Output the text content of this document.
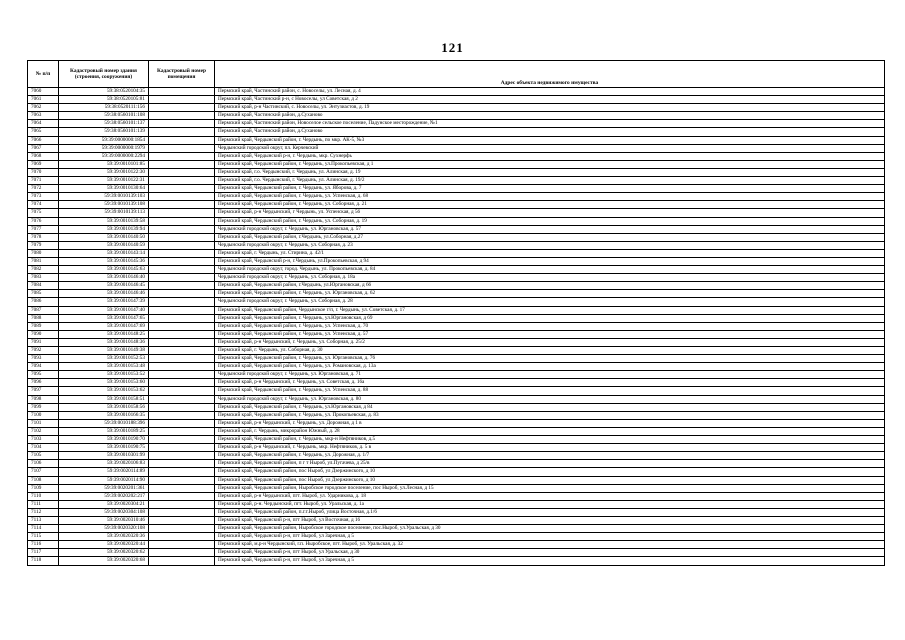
121
№ п/п	Кадастровый номер здания (строения, сооружения)	Кадастровый номер помещения	Адрес объекта недвижимого имущества
7060	59:38:0520104:35		Пермский край, Частинский район, с. Новоселы, ул. Лесная, д. 4
7061	59:38:0520105:81		Пермский край, Частинский р-н, с Новоселы, ул Советская, д 2
7062	59:38:0520111:156		Пермский край, р-н Частинский, с. Новоселы, ул. Энтузиастов, д. 19
7063	59:38:0560101:108		Пермский край, Частинский район, д.Суханово
7064	59:38:0560101:137		Пермский край, Частинский район, Новоселое сельское поселение, Падунское месторождение, №1
7065	59:38:0560101:139		Пермский край, Частинский район, д.Суханово
7066	59:39:0000000:1854		Пермский край, Чердынский район, г. Чердынь, по мкр. АК-5, №3
7067	59:39:0000000:1979		Чердынский городской округ, пл. Керчевский
7068	59:39:0000000:2294		Пермский край, Чердынский р-н, г. Чердынь, мкр. Сухнерфь
7069	59:39:0010101:85		Пермский край, Чердынский район, г. Чердынь, ул.Прокопьевская, д 1
7070	59:39:0010122:30		Пермский край, г.о. Чердынский, г. Чердынь, ул. Алинская, д. 19
7071	59:39:0010122:31		Пермский край, г.о. Чердынский, г. Чердынь, ул. Алинская, д. 19/2
7072	59:39:0010130:64		Пермский край, Чердынский район, г. Чердынь, ул. Яборова, д. 7
7073	59:39:0010139:103		Пермский край, Чердынский район, г. Чердынь, ул. Успенская, д. 68
7074	59:39:0010139:108		Пермский край, Чердынский район, г. Чердынь, ул. Соборная, д. 21
7075	59:39:0010139:113		Пермский край, р-н Чердынский, г Чердынь, ул. Успенская, д 56
7076	59:39:0010139:58		Пермский край, Чердынский район, г. Чердынь, ул. Соборная, д. 19
7077	59:39:0010139:94		Чердынский городской округ, г. Чердынь, ул. Юргановская, д. 57
7078	59:39:0010140:50		Пермский край, Чердынский район, г.Чердынь, ул.Соборная, д.27
7079	59:39:0010140:59		Чердынский городской округ, г. Чердынь, ул. Соборная, д. 23
7080	59:39:0010143:14		Пермский край, г. Чердынь, ул. Стирина, д. 42/1
7081	59:39:0010145:36		Пермский край, Чердынский р-н, г.Чердынь, ул.Прокопьевская, д 94
7082	59:39:0010145:63		Чердынский городской округ, город. Чердынь, ул. Прокопьевская, д. 84
7083	59:39:0010146:40		Чердынский городской округ, г. Чердынь, ул. Соборная, д. 18а
7084	59:39:0010146:45		Пермский край, Чердынский район, г.Чердынь, ул.Юргановская, д 66
7085	59:39:0010146:46		Пермский край, Чердынский район, г. Чердынь, ул. Юргановская, д. 62
7086	59:39:0010147:39		Чердынский городской округ, г. Чердынь, ул. Соборная, д. 28
7087	59:39:0010147:40		Пермский край, Чердынский район, Чердынское г/п, г. Чердынь, ул. Советская, д. 17
7088	59:39:0010147:65		Пермский край, Чердынский район, г. Чердынь, ул.Юргановская, д 69
7089	59:39:0010147:69		Пермский край, Чердынский район, г. Чердынь, ул. Успенская, д. 70
7090	59:39:0010148:25		Пермский край, Чердынский район, г. Чердынь, ул. Успенская, д. 57
7091	59:39:0010148:36		Пермский край, р-н Чердынский, г. Чердынь, ул. Соборная, д. 25/2
7092	59:39:0010149:38		Пермский край, г. Чердынь, ул. Соборная, д. 30
7093	59:39:0010152:53		Пермский край, Чердынский район, г. Чердынь, ул. Юргановская, д. 76
7094	59:39:0010153:48		Пермский край, Чердынский район, г. Чердынь, ул. Романовская, д. 13а
7095	59:39:0010153:52		Чердынский городской округ, г. Чердынь, ул. Юргановская, д. 71
7096	59:39:0010153:60		Пермский край, р-н Чердынский, г. Чердынь, ул. Советская, д. 16а
7097	59:39:0010153:62		Пермский край, Чердынский район, г. Чердынь, ул. Успенская, д. 88
7098	59:39:0010158:51		Чердынский городской округ, г. Чердынь, ул. Юргановская, д. 80
7099	59:39:0010158:56		Пермский край, Чердынский район, г. Чердынь, ул.Юргановская, д 84
7100	59:39:0010166:35		Пермский край, Чердынский район, г. Чердынь, ул. Прокопьевская, д. 83
7101	59:39:0010188:396		Пермский край, р-н Чердынский, г. Чердынь, ул. Дорожная, д 1 в
7102	59:39:0010189:25		Пермский край, г. Чердынь, микрорайон Южный, д. 28
7103	59:39:0010190:70		Пермский край, Чердынский район, г. Чердынь, мкр-н Нефтяников, д.5
7104	59:39:0010190:75		Пермский край, р-н Чердынский, г. Чердынь, мкр. Нефтяников, д. 5 в
7105	59:39:0010301:99		Пермский край, Чердынский район, г. Чердынь, ул. Дорожная, д. 1/7
7106	59:39:0020106:83		Пермский край, Чердынский район, п г т Ныроб, ул.Пугачева, д 25/в
7107	59:39:0020114:89		Пермский край, Чердынский район, пос Ныроб, ул Дзержинского, д 10
7108	59:39:0020114:90		Пермский край, Чердынский район, пос Ныроб, ул Дзержинского, д 10
7109	59:39:0020201:361		Пермский край, Чердынский район, Ныробское городское поселение, пос Ныроб, ул.Лесная, д 15
7110	59:39:0020202:217		Пермский край, р-н Чердынский, пгт. Ныроб, ул. Ударникова, д. 18
7111	59:39:0020304:21		Пермский край, р-н. Чердынский, пгт. Ныроб, ул. Уральская, д. 1а
7112	59:39:0020304:108		Пермский край, Чердынский район, п.г.т.Ныроб, улица Восточная, д.1/6
7113	59:39:0020310:46		Пермский край, Чердынский р-н, пгт Ныроб, ул Восточная, д 16
7114	59:39:0020320:108		Пермский край, Чердынский район, Ныробское городское поселение, пос.Ныроб, ул.Уральская, д 30
7115	59:39:0020320:36		Пермский край, Чердынский р-н, пгт Ныроб, ул Заречная, д 5
7116	59:39:0020320:44		Пермский край, м.р-н Чердынский, г.п. Ныробское, пгт. Ныроб, ул. Уральская, д. 32
7117	59:39:0020320:62		Пермский край, Чердынский р-н, пгт Ныроб, ул Уральская, д 30
7118	59:39:0020320:68		Пермский край, Чердынский р-н, пгт Ныроб, ул Заречная, д 5
